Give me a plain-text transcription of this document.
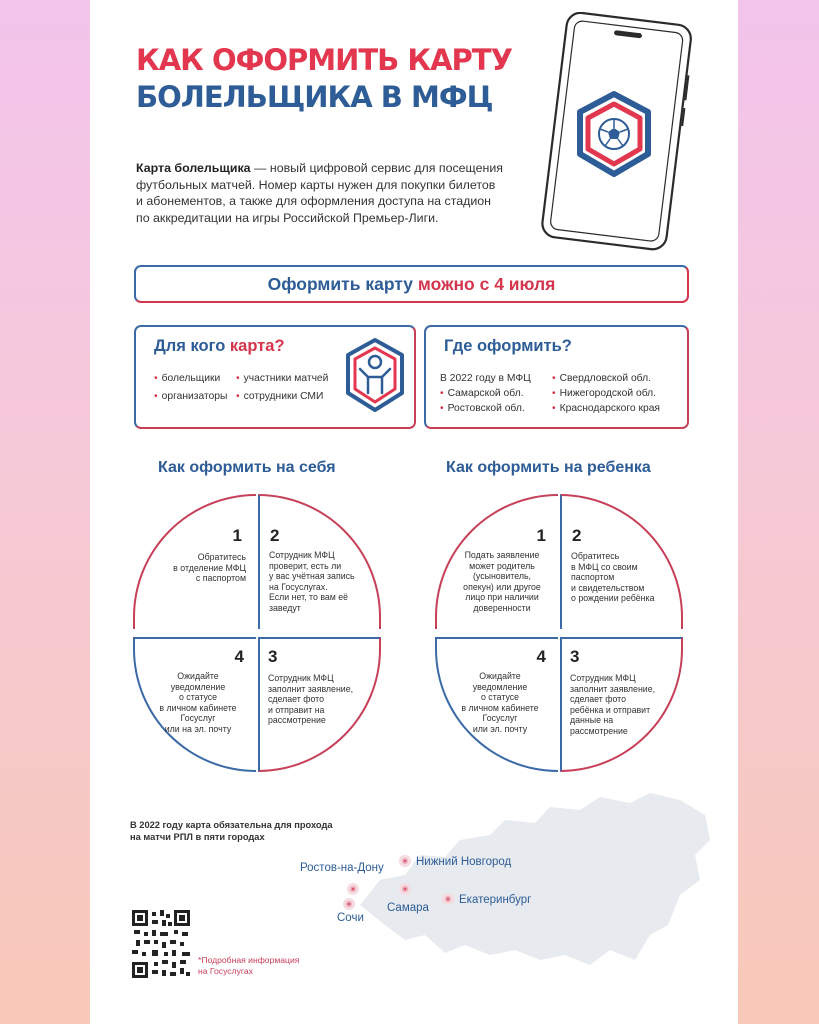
КАК ОФОРМИТЬ КАРТУ
БОЛЕЛЬЩИКА В МФЦ
Карта болельщика — новый цифровой сервис для посещения
футбольных матчей. Номер карты нужен для покупки билетов
и абонементов, а также для оформления доступа на стадион
по аккредитации на игры Российской Премьер-Лиги.
Оформить карту можно с 4 июля
Для кого карта?
• болельщики	• участники матчей
• организаторы	• сотрудники СМИ
Где оформить?
В 2022 году в МФЦ
• Самарской обл.
• Ростовской обл.
• Свердловской обл.
• Нижегородской обл.
• Краснодарского края
Как оформить на себя
1
Обратитесь
в отделение МФЦ
с паспортом
2
Сотрудник МФЦ
проверит, есть ли
у вас учётная запись
на Госуслугах.
Если нет, то вам её
заведут
4
Ожидайте
уведомление
о статусе
в личном кабинете
Госуслуг
или на эл. почту
3
Сотрудник МФЦ
заполнит заявление,
сделает фото
и отправит на
рассмотрение
Как оформить на ребенка
1
Подать заявление
может родитель
(усыновитель,
опекун) или другое
лицо при наличии
доверенности
2
Обратитесь
в МФЦ со своим
паспортом
и свидетельством
о рождении ребёнка
4
Ожидайте
уведомление
о статусе
в личном кабинете
Госуслуг
или эл. почту
3
Сотрудник МФЦ
заполнит заявление,
сделает фото
ребёнка и отправит
данные на
рассмотрение
В 2022 году карта обязательна для прохода
на матчи РПЛ в пяти городах
Ростов-на-Дону	Нижний Новгород
Самара
Екатеринбург
Сочи
*Подробная информация
на Госуслугах
